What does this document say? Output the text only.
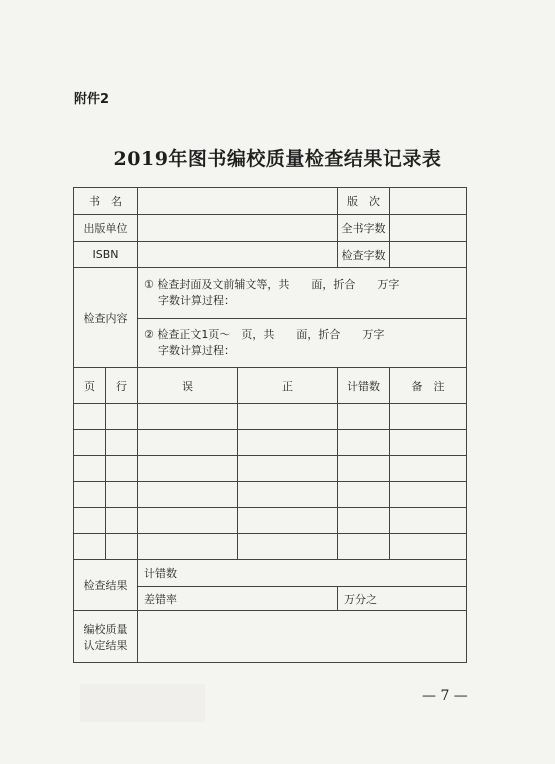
附件2
2019年图书编校质量检查结果记录表
书　名				版　次	
出版单位				全书字数	
ISBN				检查字数	
检查内容		① 检查封面及文前辅文等，共　　面，折合　　万字
字数计算过程：			

		② 检查正文1页～　页，共　　面，折合　　万字
字数计算过程：			

页	行	误	正	计错数	备　注

检查结果		计错数			
		差错率		万分之	

编校质量
认定结果					

— 7 —
